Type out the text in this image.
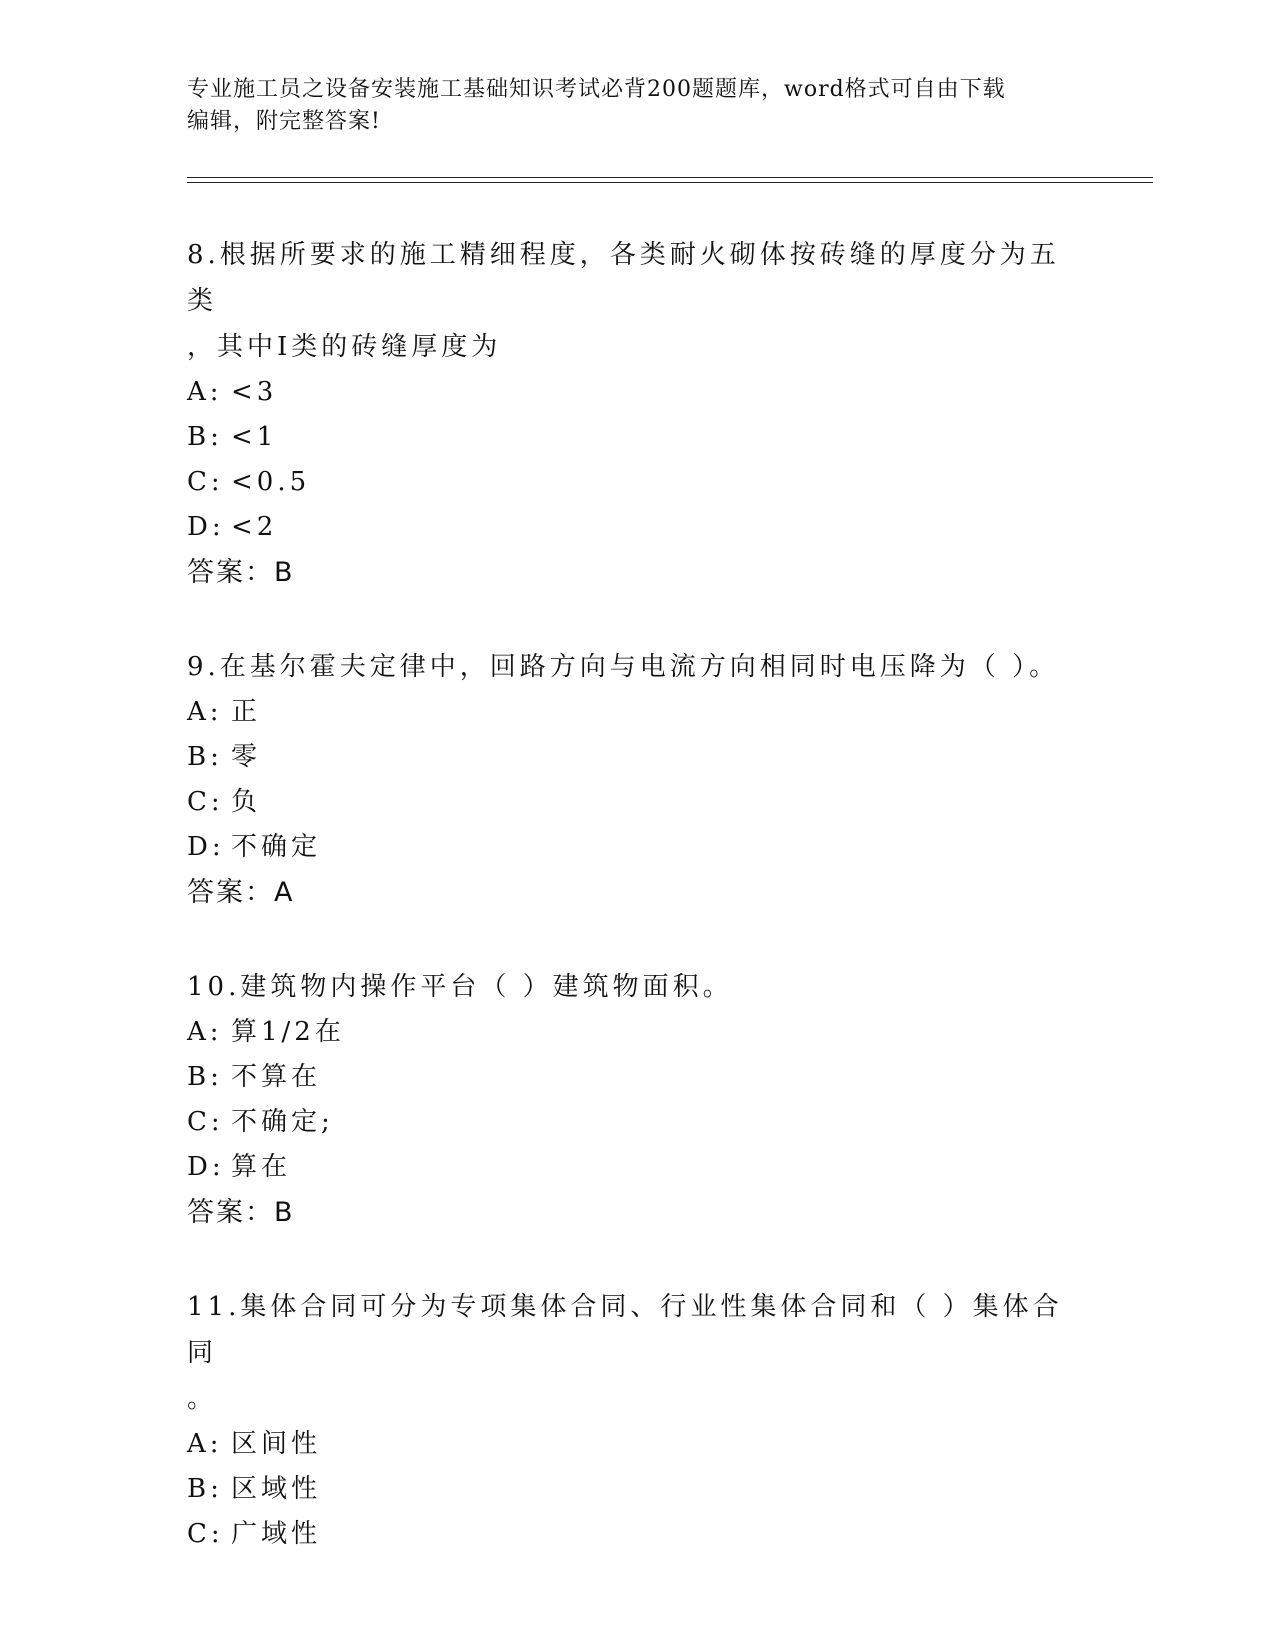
专业施工员之设备安装施工基础知识考试必背200题题库，word格式可自由下载
编辑，附完整答案!

8.根据所要求的施工精细程度，各类耐火砌体按砖缝的厚度分为五类

，其中Ⅰ类的砖缝厚度为

A: <3

B: <1

C: <0.5

D: <2

答案：B

9.在基尔霍夫定律中，回路方向与电流方向相同时电压降为（ ）。

A: 正

B: 零

C: 负

D: 不确定

答案：A

10.建筑物内操作平台（ ）建筑物面积。

A: 算1/2在

B: 不算在

C: 不确定;

D: 算在

答案：B

11.集体合同可分为专项集体合同、行业性集体合同和（ ）集体合同

。

A: 区间性

B: 区域性

C: 广域性
